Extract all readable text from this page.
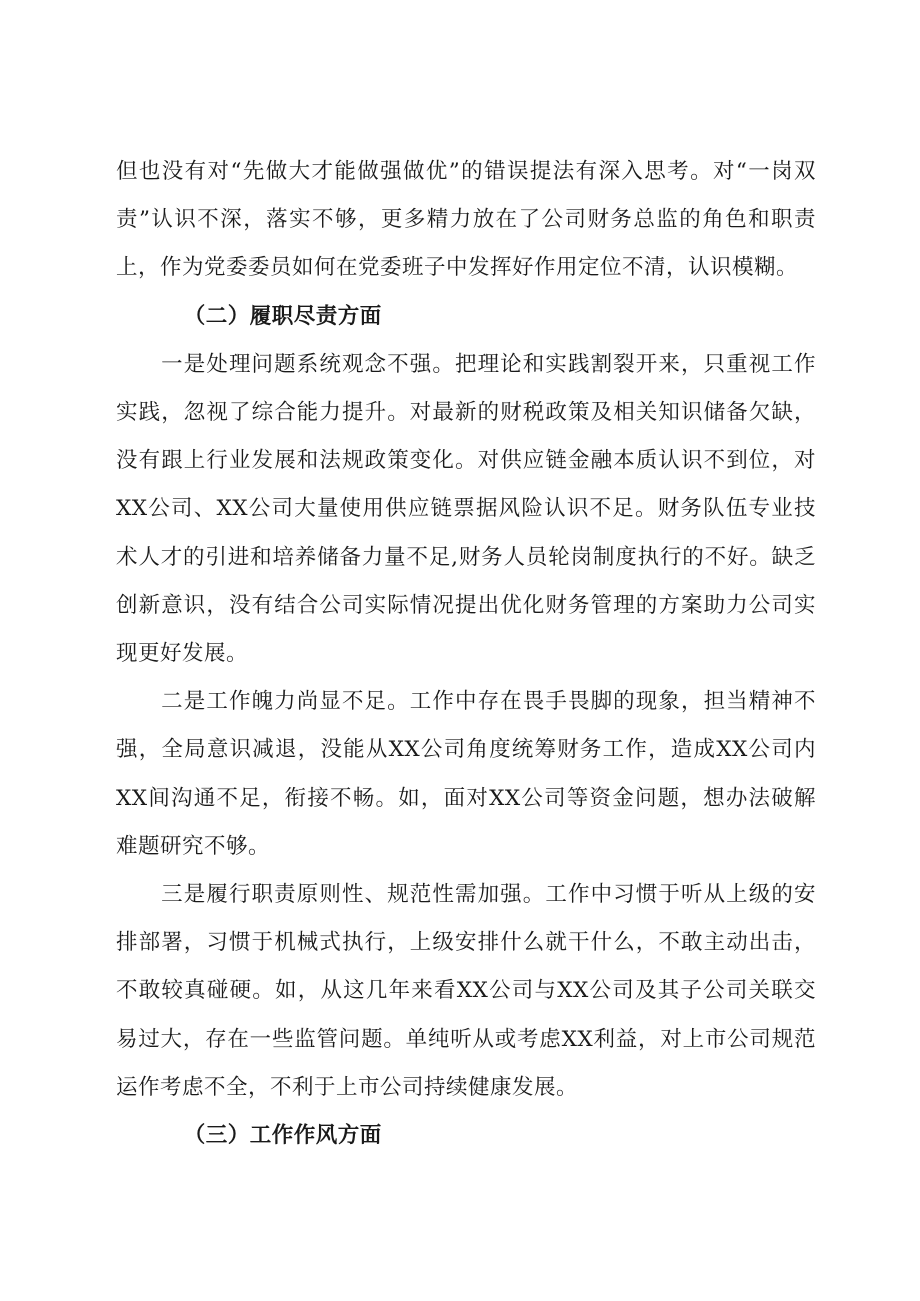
但也没有对“先做大才能做强做优”的错误提法有深入思考。对“一岗双责”认识不深，落实不够，更多精力放在了公司财务总监的角色和职责上，作为党委委员如何在党委班子中发挥好作用定位不清，认识模糊。

（二）履职尽责方面

一是处理问题系统观念不强。把理论和实践割裂开来，只重视工作实践，忽视了综合能力提升。对最新的财税政策及相关知识储备欠缺，没有跟上行业发展和法规政策变化。对供应链金融本质认识不到位，对XX公司、XX公司大量使用供应链票据风险认识不足。财务队伍专业技术人才的引进和培养储备力量不足,财务人员轮岗制度执行的不好。缺乏创新意识，没有结合公司实际情况提出优化财务管理的方案助力公司实现更好发展。

二是工作魄力尚显不足。工作中存在畏手畏脚的现象，担当精神不强，全局意识减退，没能从XX公司角度统筹财务工作，造成XX公司内XX间沟通不足，衔接不畅。如，面对XX公司等资金问题，想办法破解难题研究不够。

三是履行职责原则性、规范性需加强。工作中习惯于听从上级的安排部署，习惯于机械式执行，上级安排什么就干什么，不敢主动出击，不敢较真碰硬。如，从这几年来看XX公司与XX公司及其子公司关联交易过大，存在一些监管问题。单纯听从或考虑XX利益，对上市公司规范运作考虑不全，不利于上市公司持续健康发展。

（三）工作作风方面
